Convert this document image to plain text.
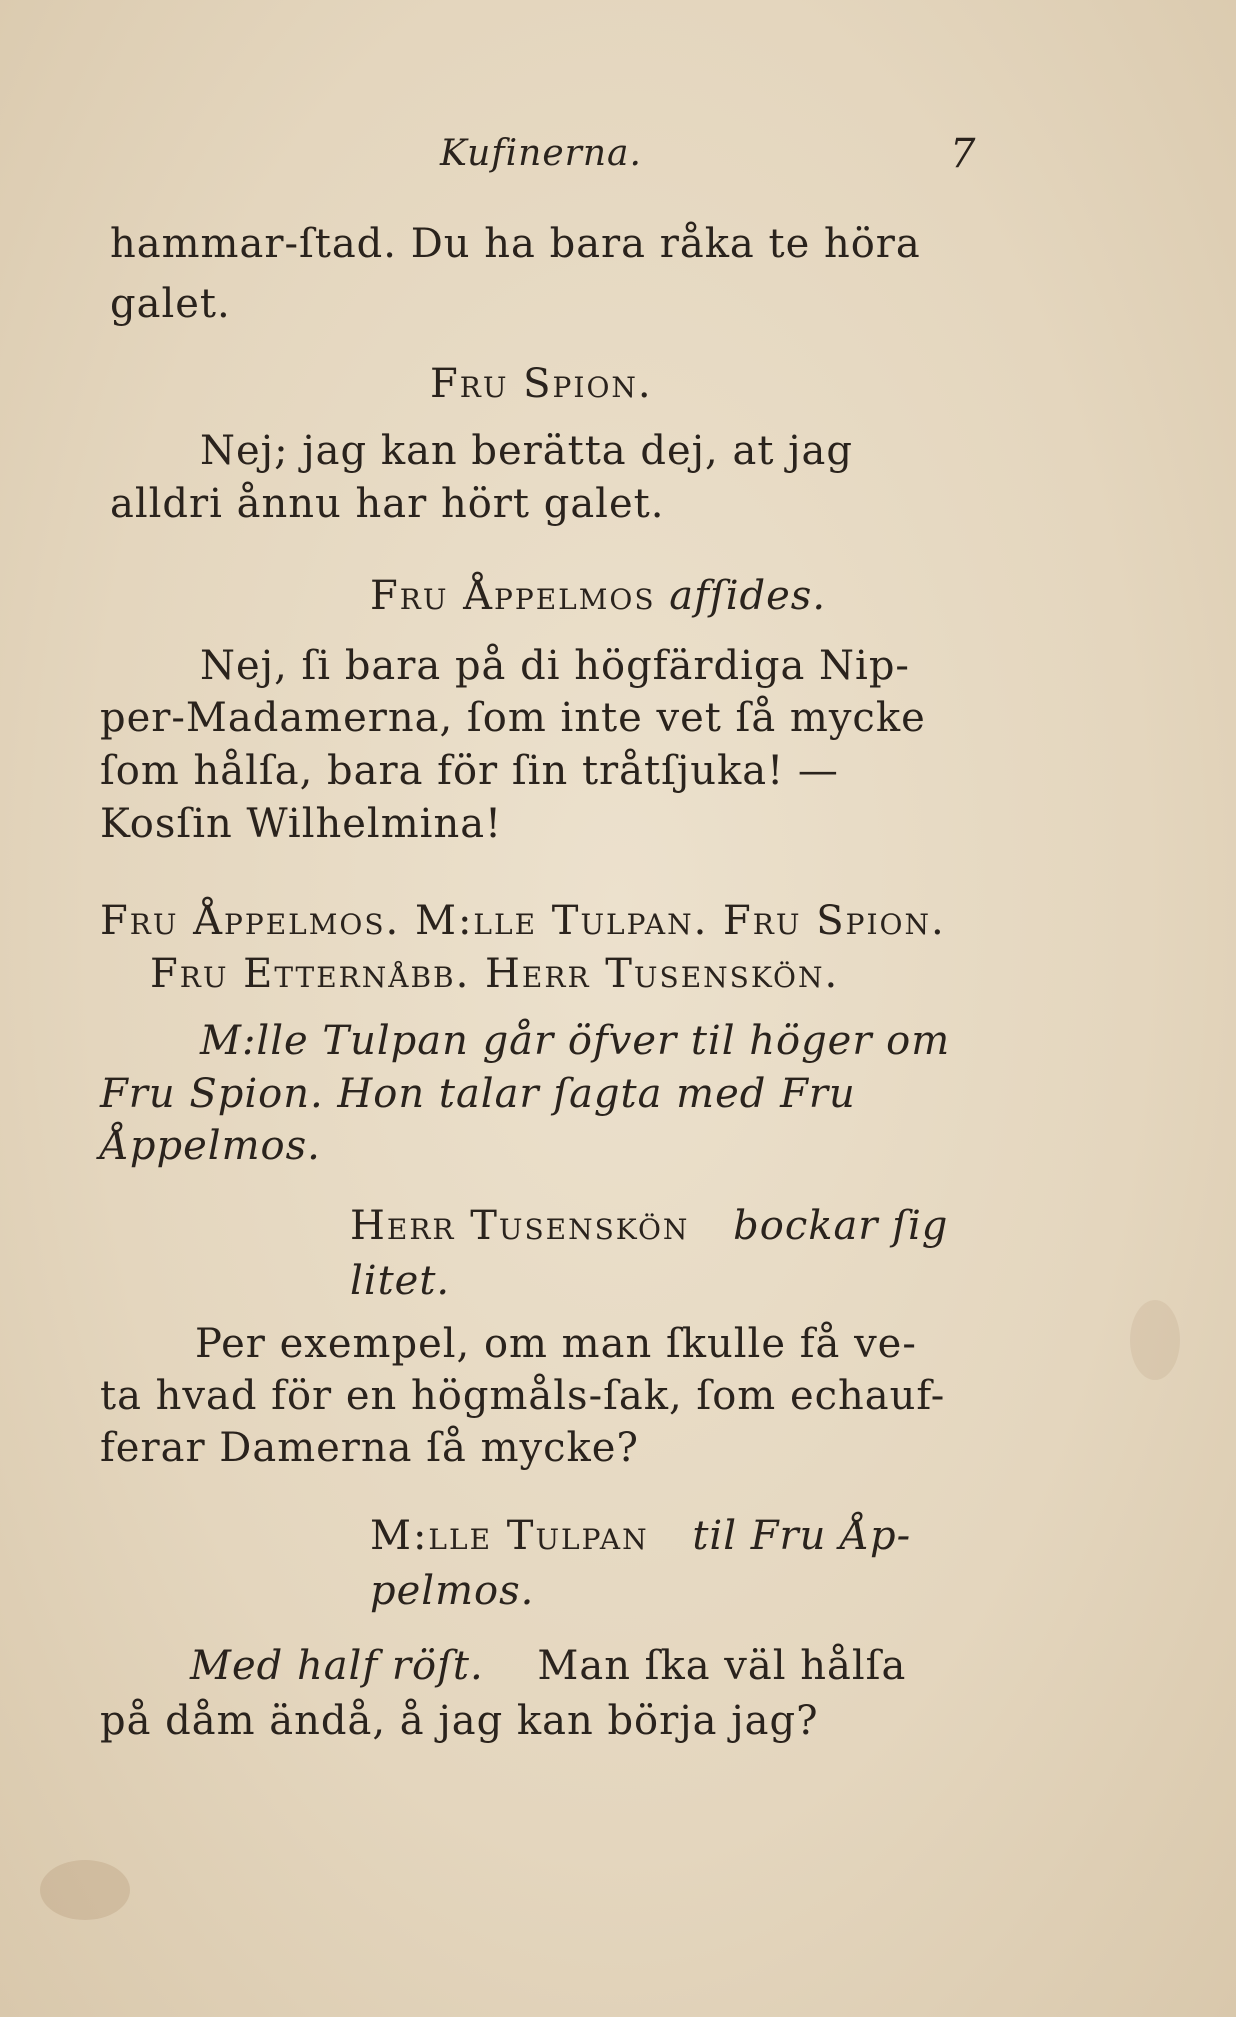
Kufinerna.	7
hammar-ſtad. Du ha bara råka te höra
galet.
Fru Spion.
Nej; jag kan berätta dej, at jag
alldri ånnu har hört galet.
Fru Åppelmos afſides.
Nej, ſi bara på di högfärdiga Nip-
per-Madamerna, ſom inte vet ſå mycke
ſom hålſa, bara för ſin tråtſjuka! —
Kosſin Wilhelmina!
Fru Åppelmos. M:lle Tulpan. Fru Spion.
Fru Etternåbb. Herr Tusenskön.
M:lle Tulpan går öfver til höger om
Fru Spion. Hon talar ſagta med Fru
Åppelmos.
Herr Tusenskön bockar ſig
litet.
Per exempel, om man ſkulle få ve-
ta hvad för en högmåls-ſak, ſom echauf-
ferar Damerna ſå mycke?
M:lle Tulpan til Fru Åp-
pelmos.
Med half röſt. Man ſka väl hålſa
på dåm ändå, å jag kan börja jag?
